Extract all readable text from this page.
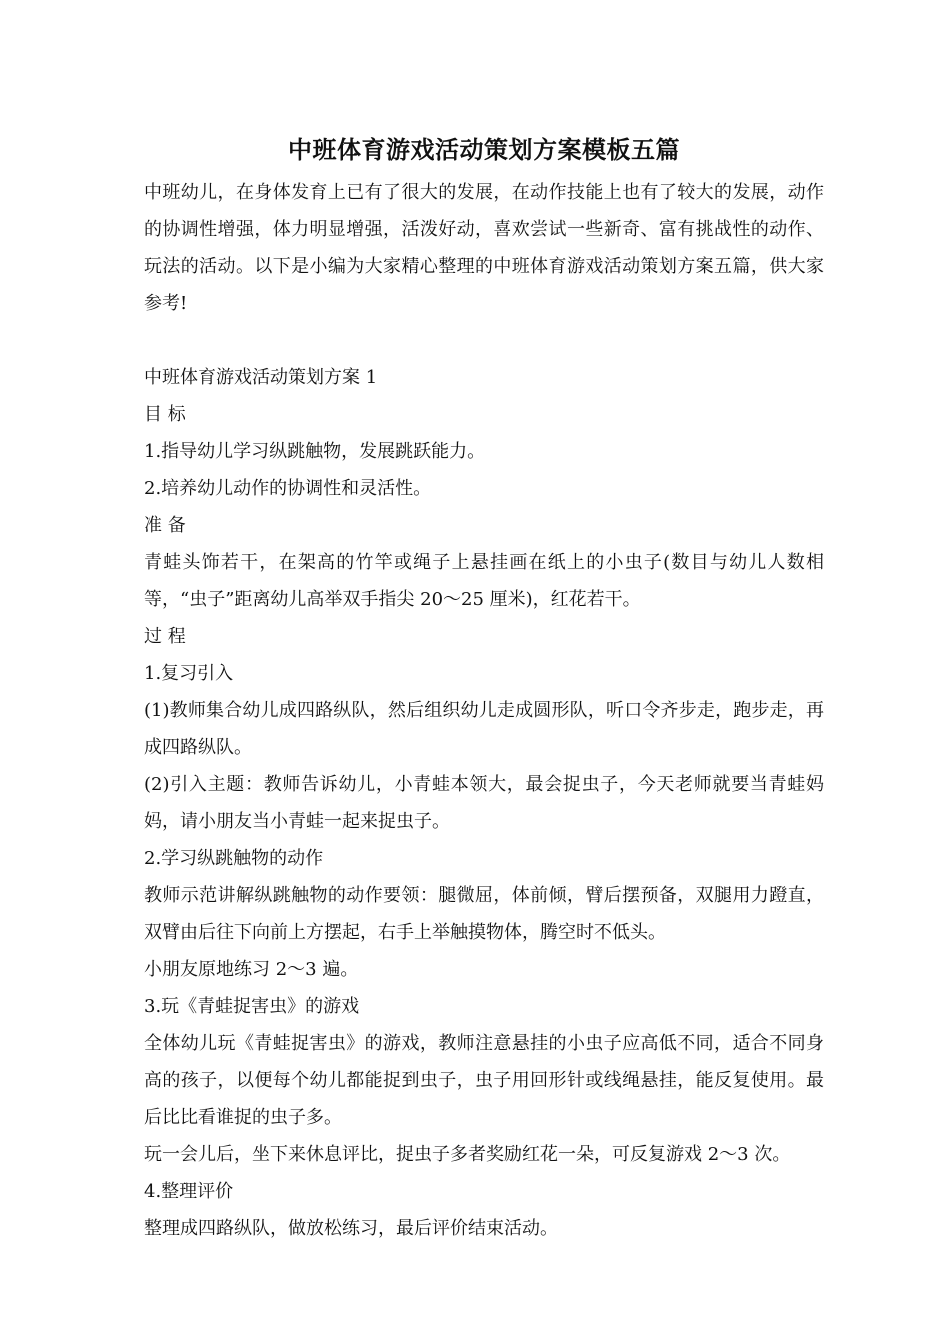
中班体育游戏活动策划方案模板五篇

中班幼儿，在身体发育上已有了很大的发展，在动作技能上也有了较大的发展，动作的协调性增强，体力明显增强，活泼好动，喜欢尝试一些新奇、富有挑战性的动作、玩法的活动。以下是小编为大家精心整理的中班体育游戏活动策划方案五篇，供大家参考!

中班体育游戏活动策划方案 1

目 标

1.指导幼儿学习纵跳触物，发展跳跃能力。

2.培养幼儿动作的协调性和灵活性。

准 备

青蛙头饰若干，在架高的竹竿或绳子上悬挂画在纸上的小虫子(数目与幼儿人数相等，“虫子”距离幼儿高举双手指尖 20～25 厘米)，红花若干。

过 程

1.复习引入

(1)教师集合幼儿成四路纵队，然后组织幼儿走成圆形队，听口令齐步走，跑步走，再成四路纵队。

(2)引入主题：教师告诉幼儿，小青蛙本领大，最会捉虫子，今天老师就要当青蛙妈妈，请小朋友当小青蛙一起来捉虫子。

2.学习纵跳触物的动作

教师示范讲解纵跳触物的动作要领：腿微屈，体前倾，臂后摆预备，双腿用力蹬直，双臂由后往下向前上方摆起，右手上举触摸物体，腾空时不低头。

小朋友原地练习 2～3 遍。

3.玩《青蛙捉害虫》的游戏

全体幼儿玩《青蛙捉害虫》的游戏，教师注意悬挂的小虫子应高低不同，适合不同身高的孩子，以便每个幼儿都能捉到虫子，虫子用回形针或线绳悬挂，能反复使用。最后比比看谁捉的虫子多。

玩一会儿后，坐下来休息评比，捉虫子多者奖励红花一朵，可反复游戏 2～3 次。

4.整理评价

整理成四路纵队，做放松练习，最后评价结束活动。
